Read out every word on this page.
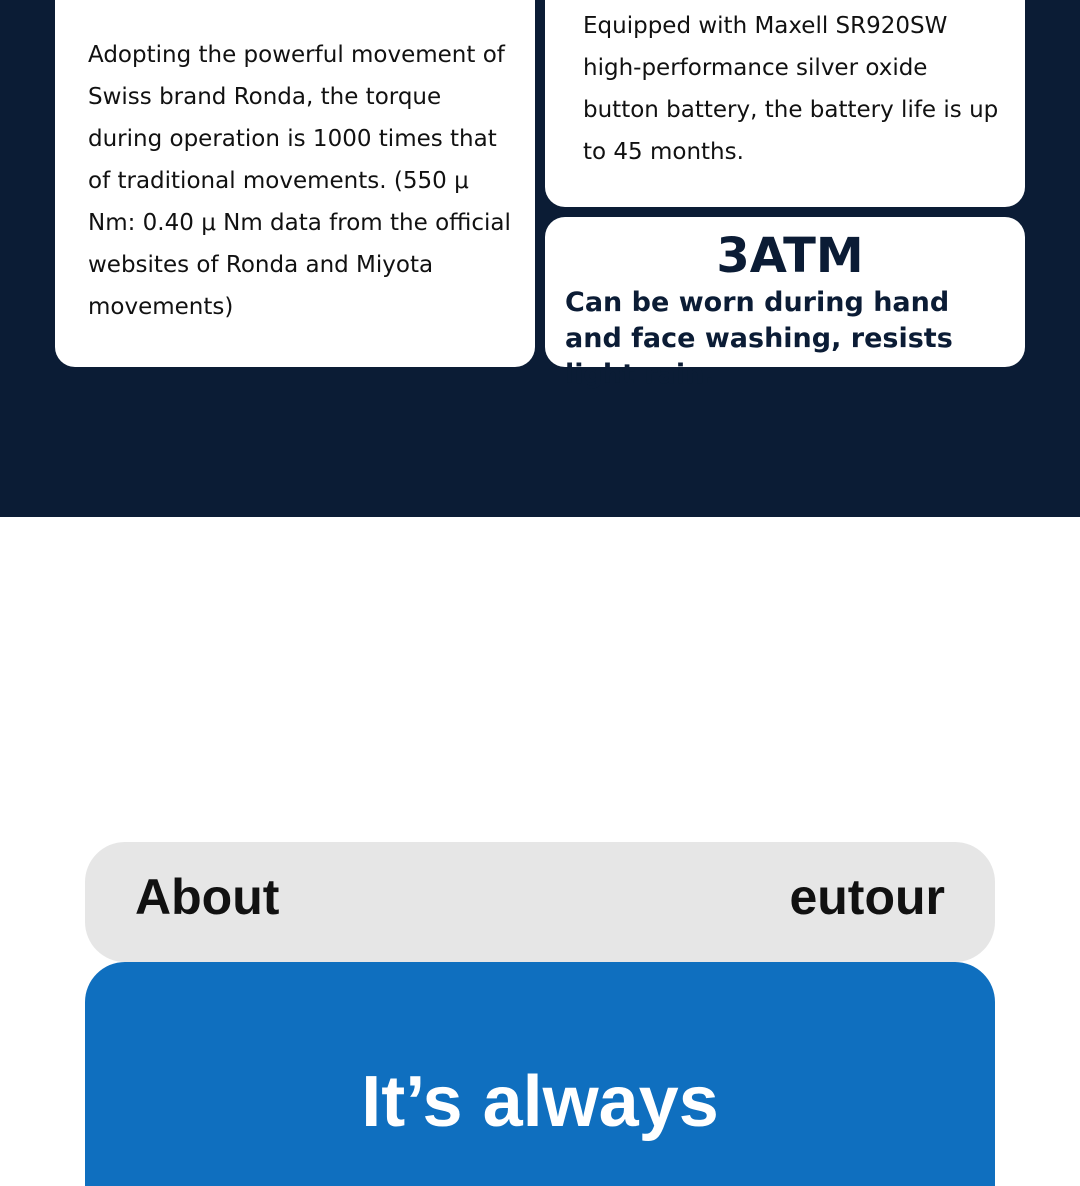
Adopting the powerful movement of Swiss brand Ronda, the torque during operation is 1000 times that of traditional movements. (550 μ Nm: 0.40 μ Nm data from the official websites of Ronda and Miyota movements)
Equipped with Maxell SR920SW high-performance silver oxide button battery, the battery life is up to 45 months.
3ATM
Can be worn during hand and face washing, resists light rain.
About	eutour
It’s always
